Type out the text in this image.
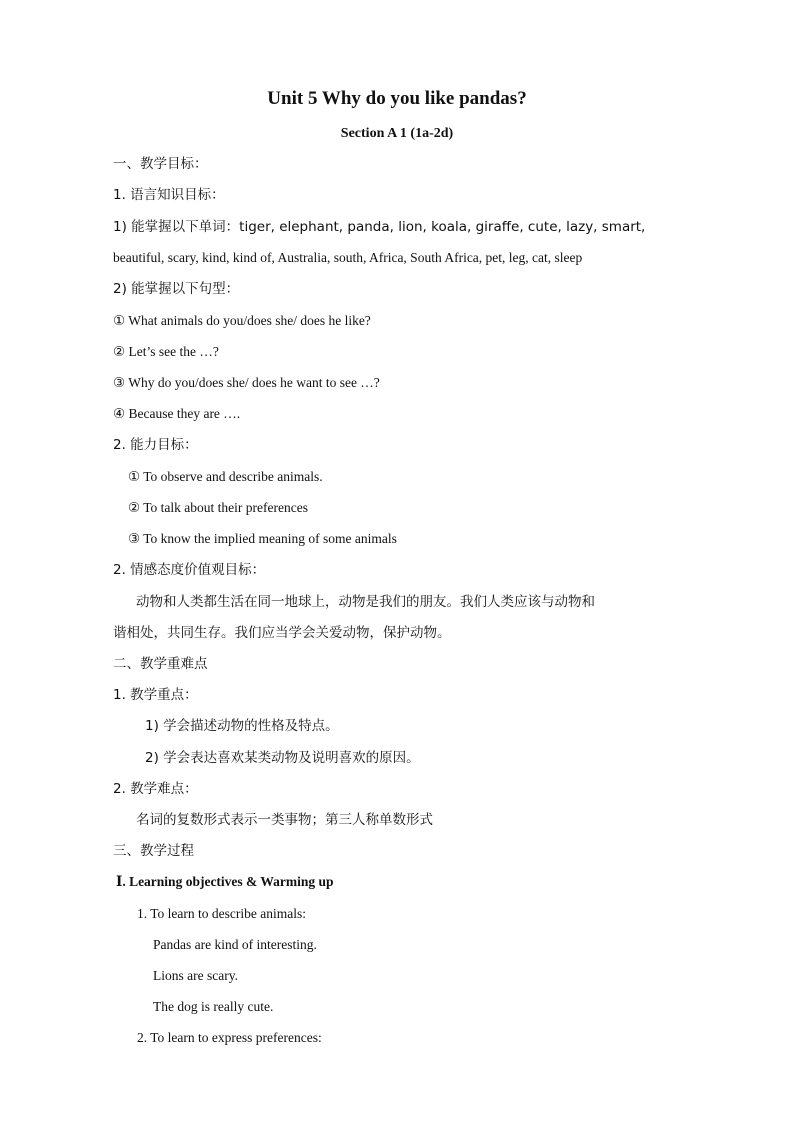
Unit 5 Why do you like pandas?
Section A 1 (1a-2d)
一、教学目标：
1. 语言知识目标：
1) 能掌握以下单词：tiger, elephant, panda, lion, koala, giraffe, cute, lazy, smart,
beautiful, scary, kind, kind of, Australia, south, Africa, South Africa, pet, leg, cat, sleep
2) 能掌握以下句型：
① What animals do you/does she/ does he like?
② Let’s see the …?
③ Why do you/does she/ does he want to see …?
④ Because they are ….
2. 能力目标：
① To observe and describe animals.
② To talk about their preferences
③ To know the implied meaning of some animals
2. 情感态度价值观目标：
动物和人类都生活在同一地球上，动物是我们的朋友。我们人类应该与动物和
谐相处，共同生存。我们应当学会关爱动物，保护动物。
二、教学重难点
1. 教学重点：
1) 学会描述动物的性格及特点。
2) 学会表达喜欢某类动物及说明喜欢的原因。
2. 教学难点：
名词的复数形式表示一类事物；第三人称单数形式
三、教学过程
Ⅰ. Learning objectives & Warming up
1. To learn to describe animals:
Pandas are kind of interesting.
Lions are scary.
The dog is really cute.
2. To learn to express preferences:
